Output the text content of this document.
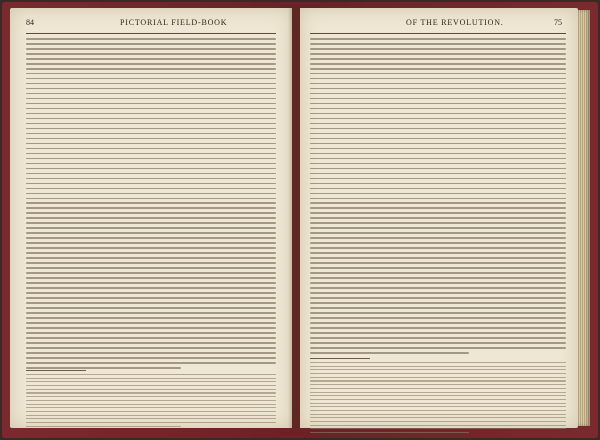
84	PICTORIAL FIELD-BOOK	OF THE REVOLUTION.	75
